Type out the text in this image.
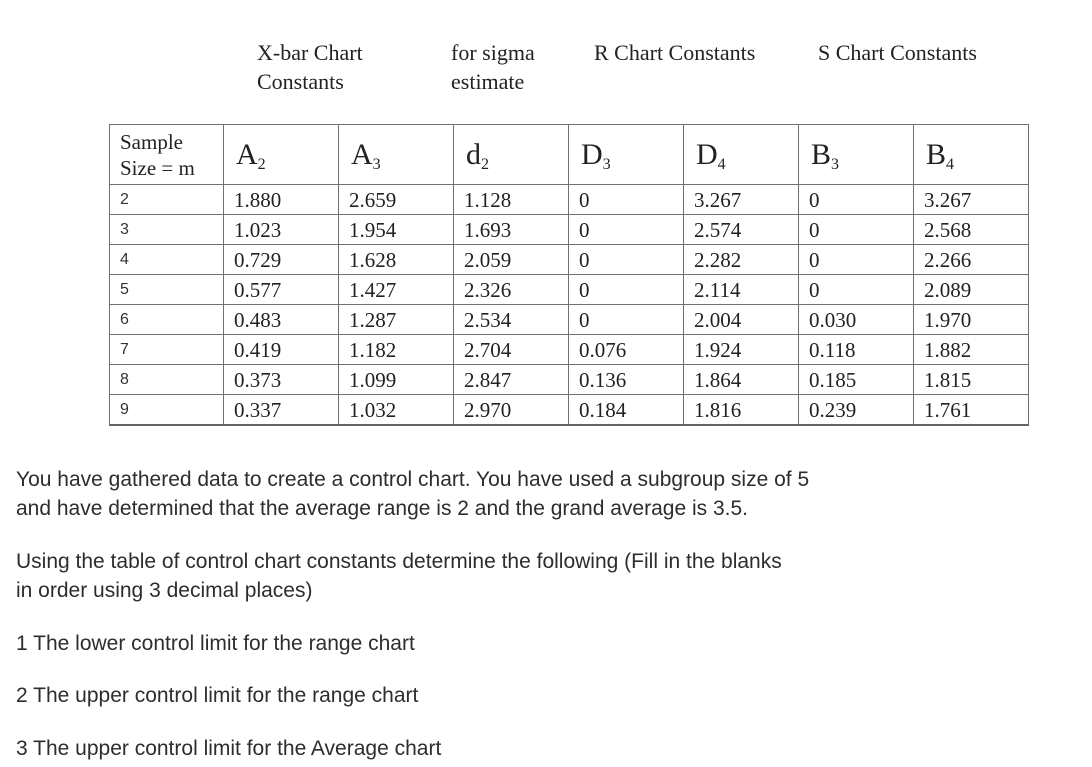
X-bar Chart
Constants
for sigma
estimate
R Chart Constants	S Chart Constants
Sample
Size = m	$A_2$	$A_3$	$d_2$	$D_3$	$D_4$	$B_3$	$B_4$
2	1.880	2.659	1.128	0	3.267	0	3.267
3	1.023	1.954	1.693	0	2.574	0	2.568
4	0.729	1.628	2.059	0	2.282	0	2.266
5	0.577	1.427	2.326	0	2.114	0	2.089
6	0.483	1.287	2.534	0	2.004	0.030	1.970
7	0.419	1.182	2.704	0.076	1.924	0.118	1.882
8	0.373	1.099	2.847	0.136	1.864	0.185	1.815
9	0.337	1.032	2.970	0.184	1.816	0.239	1.761

You have gathered data to create a control chart. You have used a subgroup size of 5
and have determined that the average range is 2 and the grand average is 3.5.

Using the table of control chart constants determine the following (Fill in the blanks
in order using 3 decimal places)

1 The lower control limit for the range chart

2 The upper control limit for the range chart

3 The upper control limit for the Average chart
